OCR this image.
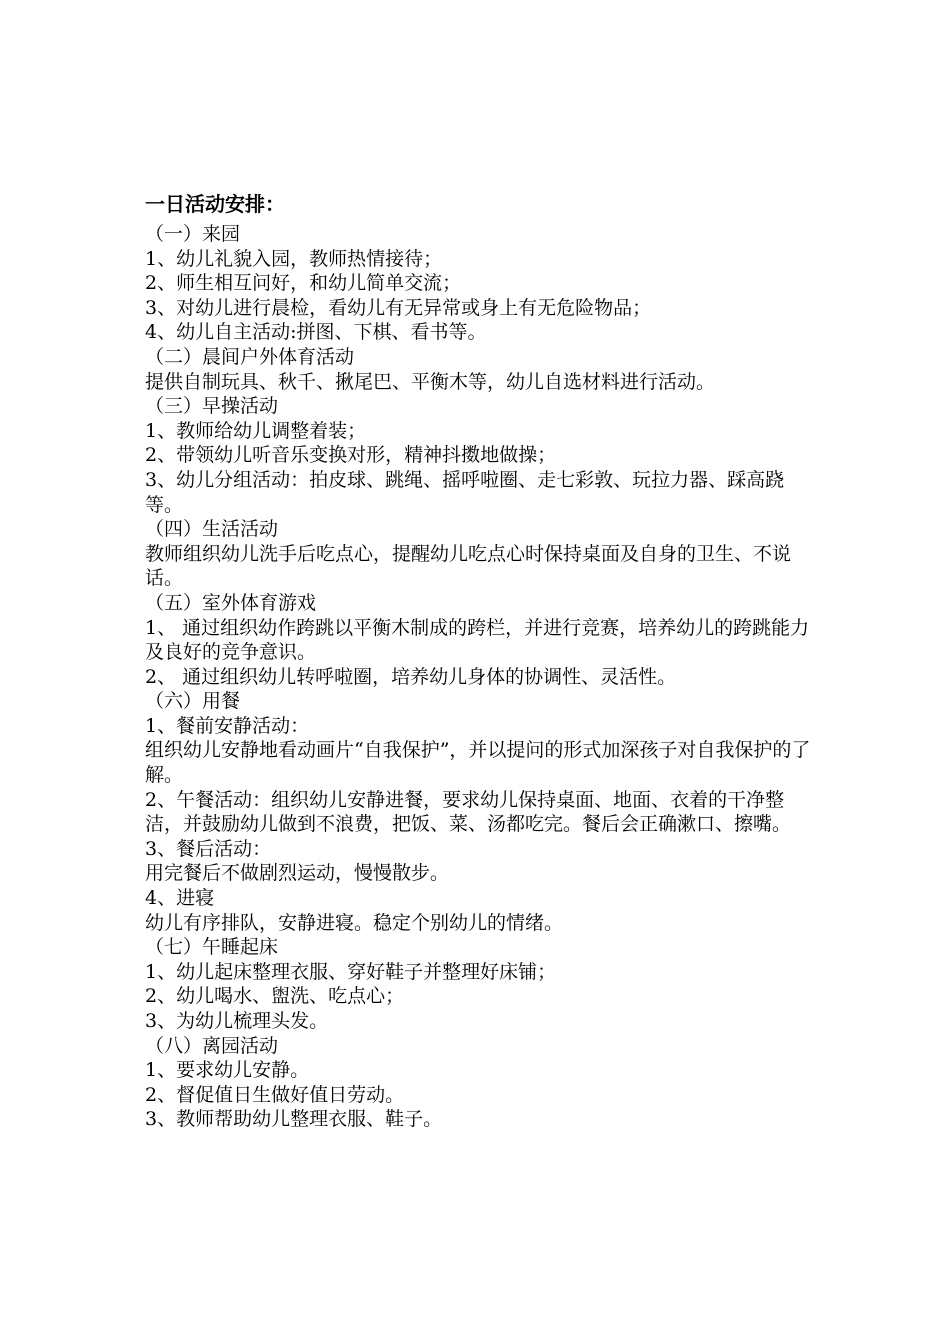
一日活动安排：
（一）来园
1、幼儿礼貌入园，教师热情接待；
2、师生相互问好，和幼儿简单交流；
3、对幼儿进行晨检，看幼儿有无异常或身上有无危险物品；
4、幼儿自主活动:拼图、下棋、看书等。
（二）晨间户外体育活动
提供自制玩具、秋千、揪尾巴、平衡木等，幼儿自选材料进行活动。
（三）早操活动
1、教师给幼儿调整着装；
2、带领幼儿听音乐变换对形，精神抖擞地做操；
3、幼儿分组活动：拍皮球、跳绳、摇呼啦圈、走七彩敦、玩拉力器、踩高跷等。
（四）生活活动
教师组织幼儿洗手后吃点心，提醒幼儿吃点心时保持桌面及自身的卫生、不说话。
（五）室外体育游戏
1、 通过组织幼作跨跳以平衡木制成的跨栏，并进行竞赛，培养幼儿的跨跳能力及良好的竞争意识。
2、 通过组织幼儿转呼啦圈，培养幼儿身体的协调性、灵活性。
（六）用餐
1、餐前安静活动：
组织幼儿安静地看动画片“自我保护”，并以提问的形式加深孩子对自我保护的了解。
2、午餐活动：组织幼儿安静进餐，要求幼儿保持桌面、地面、衣着的干净整洁，并鼓励幼儿做到不浪费，把饭、菜、汤都吃完。餐后会正确漱口、擦嘴。
3、餐后活动：
用完餐后不做剧烈运动，慢慢散步。
4、进寝
幼儿有序排队，安静进寝。稳定个别幼儿的情绪。
（七）午睡起床
1、幼儿起床整理衣服、穿好鞋子并整理好床铺；
2、幼儿喝水、盥洗、吃点心；
3、为幼儿梳理头发。
（八）离园活动
1、要求幼儿安静。
2、督促值日生做好值日劳动。
3、教师帮助幼儿整理衣服、鞋子。
